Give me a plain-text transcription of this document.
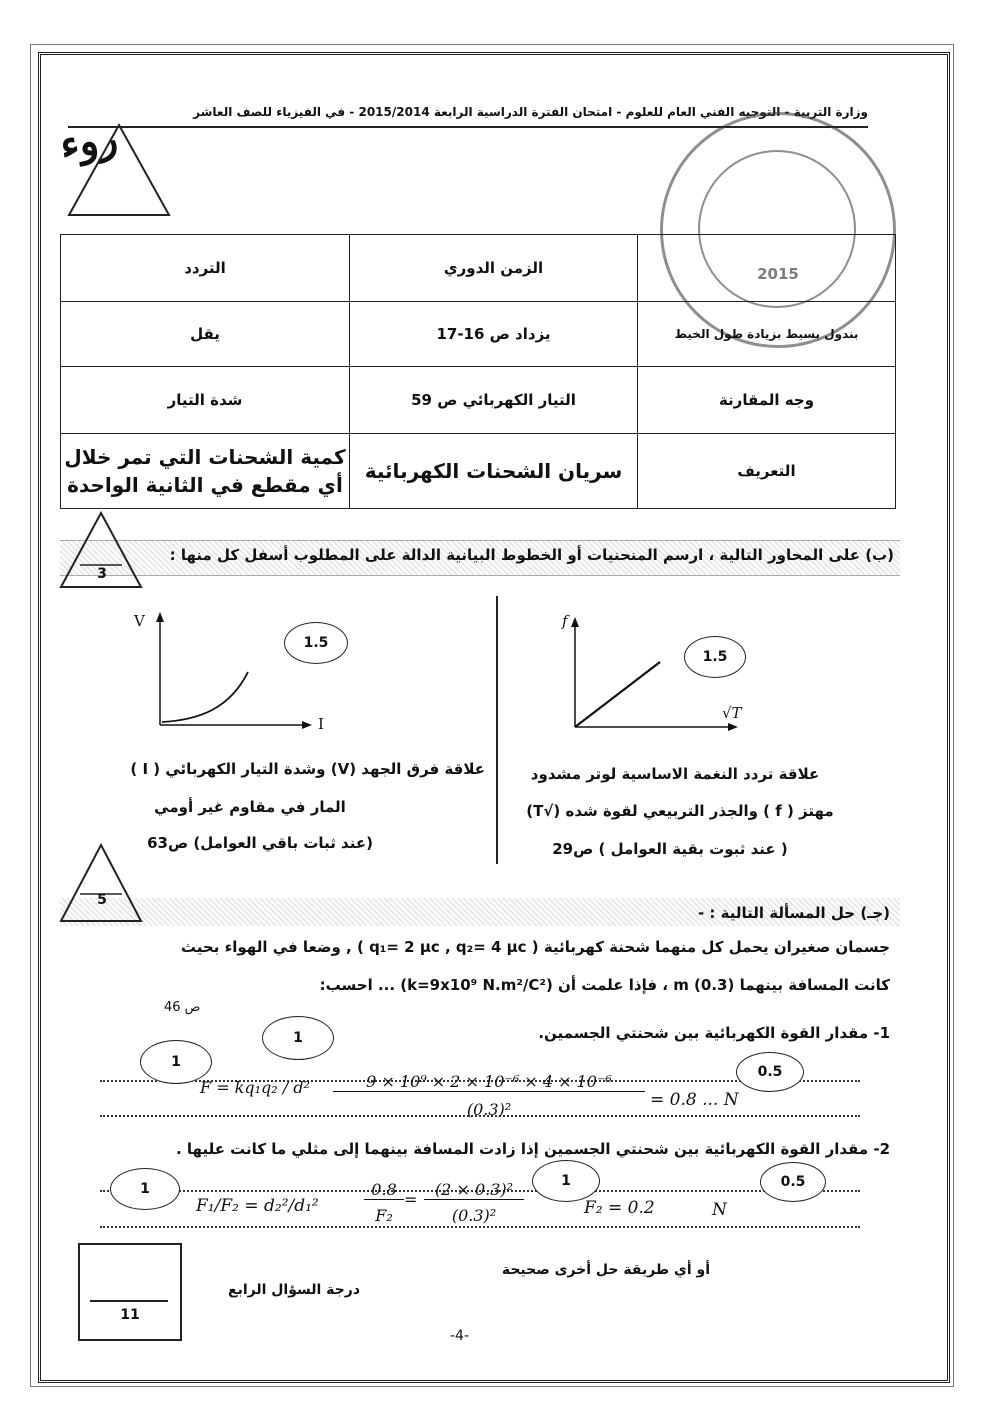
وزارة التربية - التوجيه الفني العام للعلوم - امتحان الفترة الدراسية الرابعة 2015/2014 - في الفيزياء للصف العاشر
روء
2015
	الزمن الدوري	التردد
بندول بسيط بزيادة طول الخيط	يزداد ص 16-17	يقل
وجه المقارنة	التيار الكهربائي ص 59	شدة التيار
التعريف	سريان الشحنات الكهربائية	كمية الشحنات التي تمر خلال أي مقطع في الثانية الواحدة
(ب) على المحاور التالية ، ارسم المنحنيات أو الخطوط البيانية الدالة على المطلوب أسفل كل منها :
3
V
I
1.5
علاقة فرق الجهد (V) وشدة التيار الكهربائي ( I )
المار في مقاوم غير أومي
(عند ثبات باقي العوامل) ص63
f
√T
1.5
علاقة تردد النغمة الاساسية لوتر مشدود
مهتز ( f ) والجذر التربيعي لقوة شده (√T)
( عند ثبوت بقية العوامل ) ص29
5
(جـ) حل المسألة التالية : -
جسمان صغيران يحمل كل منهما شحنة كهربائية ( q₁= 2 μc , q₂= 4 μc ) , وضعا في الهواء بحيث
كانت المسافة بينهما m (0.3) ، فإذا علمت أن (k=9x10⁹ N.m²/C²) ... احسب:
ص 46
1- مقدار القوة الكهربائية بين شحنتي الجسمين.
1
1
0.5
F = kq₁q₂ / d²	9 × 10⁹ × 2 × 10⁻⁶ × 4 × 10⁻⁶
(0.3)²	= 0.8 ... N
2- مقدار القوة الكهربائية بين شحنتي الجسمين إذا زادت المسافة بينهما إلى مثلي ما كانت عليها .
1	1	0.5
F₁/F₂ = d₂²/d₁²
0.8
F₂
=
(2 × 0.3)²
(0.3)²	F₂ = 0.2	N
أو أي طريقة حل أخرى صحيحة
11
درجة السؤال الرابع
-4-
